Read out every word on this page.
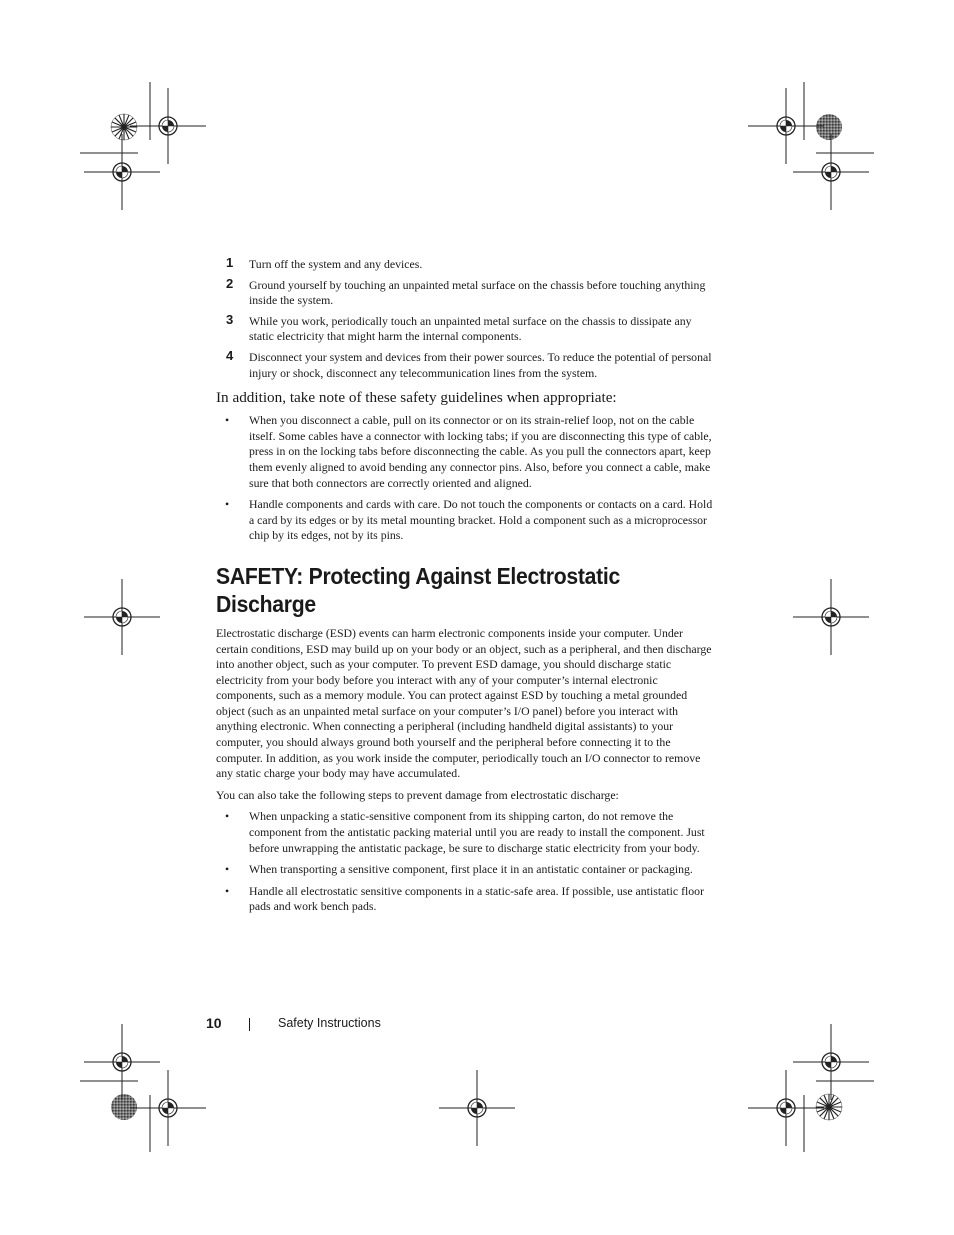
1 Turn off the system and any devices.
2 Ground yourself by touching an unpainted metal surface on the chassis before touching anything inside the system.
3 While you work, periodically touch an unpainted metal surface on the chassis to dissipate any static electricity that might harm the internal components.
4 Disconnect your system and devices from their power sources. To reduce the potential of personal injury or shock, disconnect any telecommunication lines from the system.

In addition, take note of these safety guidelines when appropriate:

• When you disconnect a cable, pull on its connector or on its strain-relief loop, not on the cable itself. Some cables have a connector with locking tabs; if you are disconnecting this type of cable, press in on the locking tabs before disconnecting the cable. As you pull the connectors apart, keep them evenly aligned to avoid bending any connector pins. Also, before you connect a cable, make sure that both connectors are correctly oriented and aligned.
• Handle components and cards with care. Do not touch the components or contacts on a card. Hold a card by its edges or by its metal mounting bracket. Hold a component such as a microprocessor chip by its edges, not by its pins.
SAFETY: Protecting Against Electrostatic Discharge

Electrostatic discharge (ESD) events can harm electronic components inside your computer. Under certain conditions, ESD may build up on your body or an object, such as a peripheral, and then discharge into another object, such as your computer. To prevent ESD damage, you should discharge static electricity from your body before you interact with any of your computer’s internal electronic components, such as a memory module. You can protect against ESD by touching a metal grounded object (such as an unpainted metal surface on your computer’s I/O panel) before you interact with anything electronic. When connecting a peripheral (including handheld digital assistants) to your computer, you should always ground both yourself and the peripheral before connecting it to the computer. In addition, as you work inside the computer, periodically touch an I/O connector to remove any static charge your body may have accumulated.

You can also take the following steps to prevent damage from electrostatic discharge:

• When unpacking a static-sensitive component from its shipping carton, do not remove the component from the antistatic packing material until you are ready to install the component. Just before unwrapping the antistatic package, be sure to discharge static electricity from your body.
• When transporting a sensitive component, first place it in an antistatic container or packaging.
• Handle all electrostatic sensitive components in a static-safe area. If possible, use antistatic floor pads and work bench pads.
10	Safety Instructions
